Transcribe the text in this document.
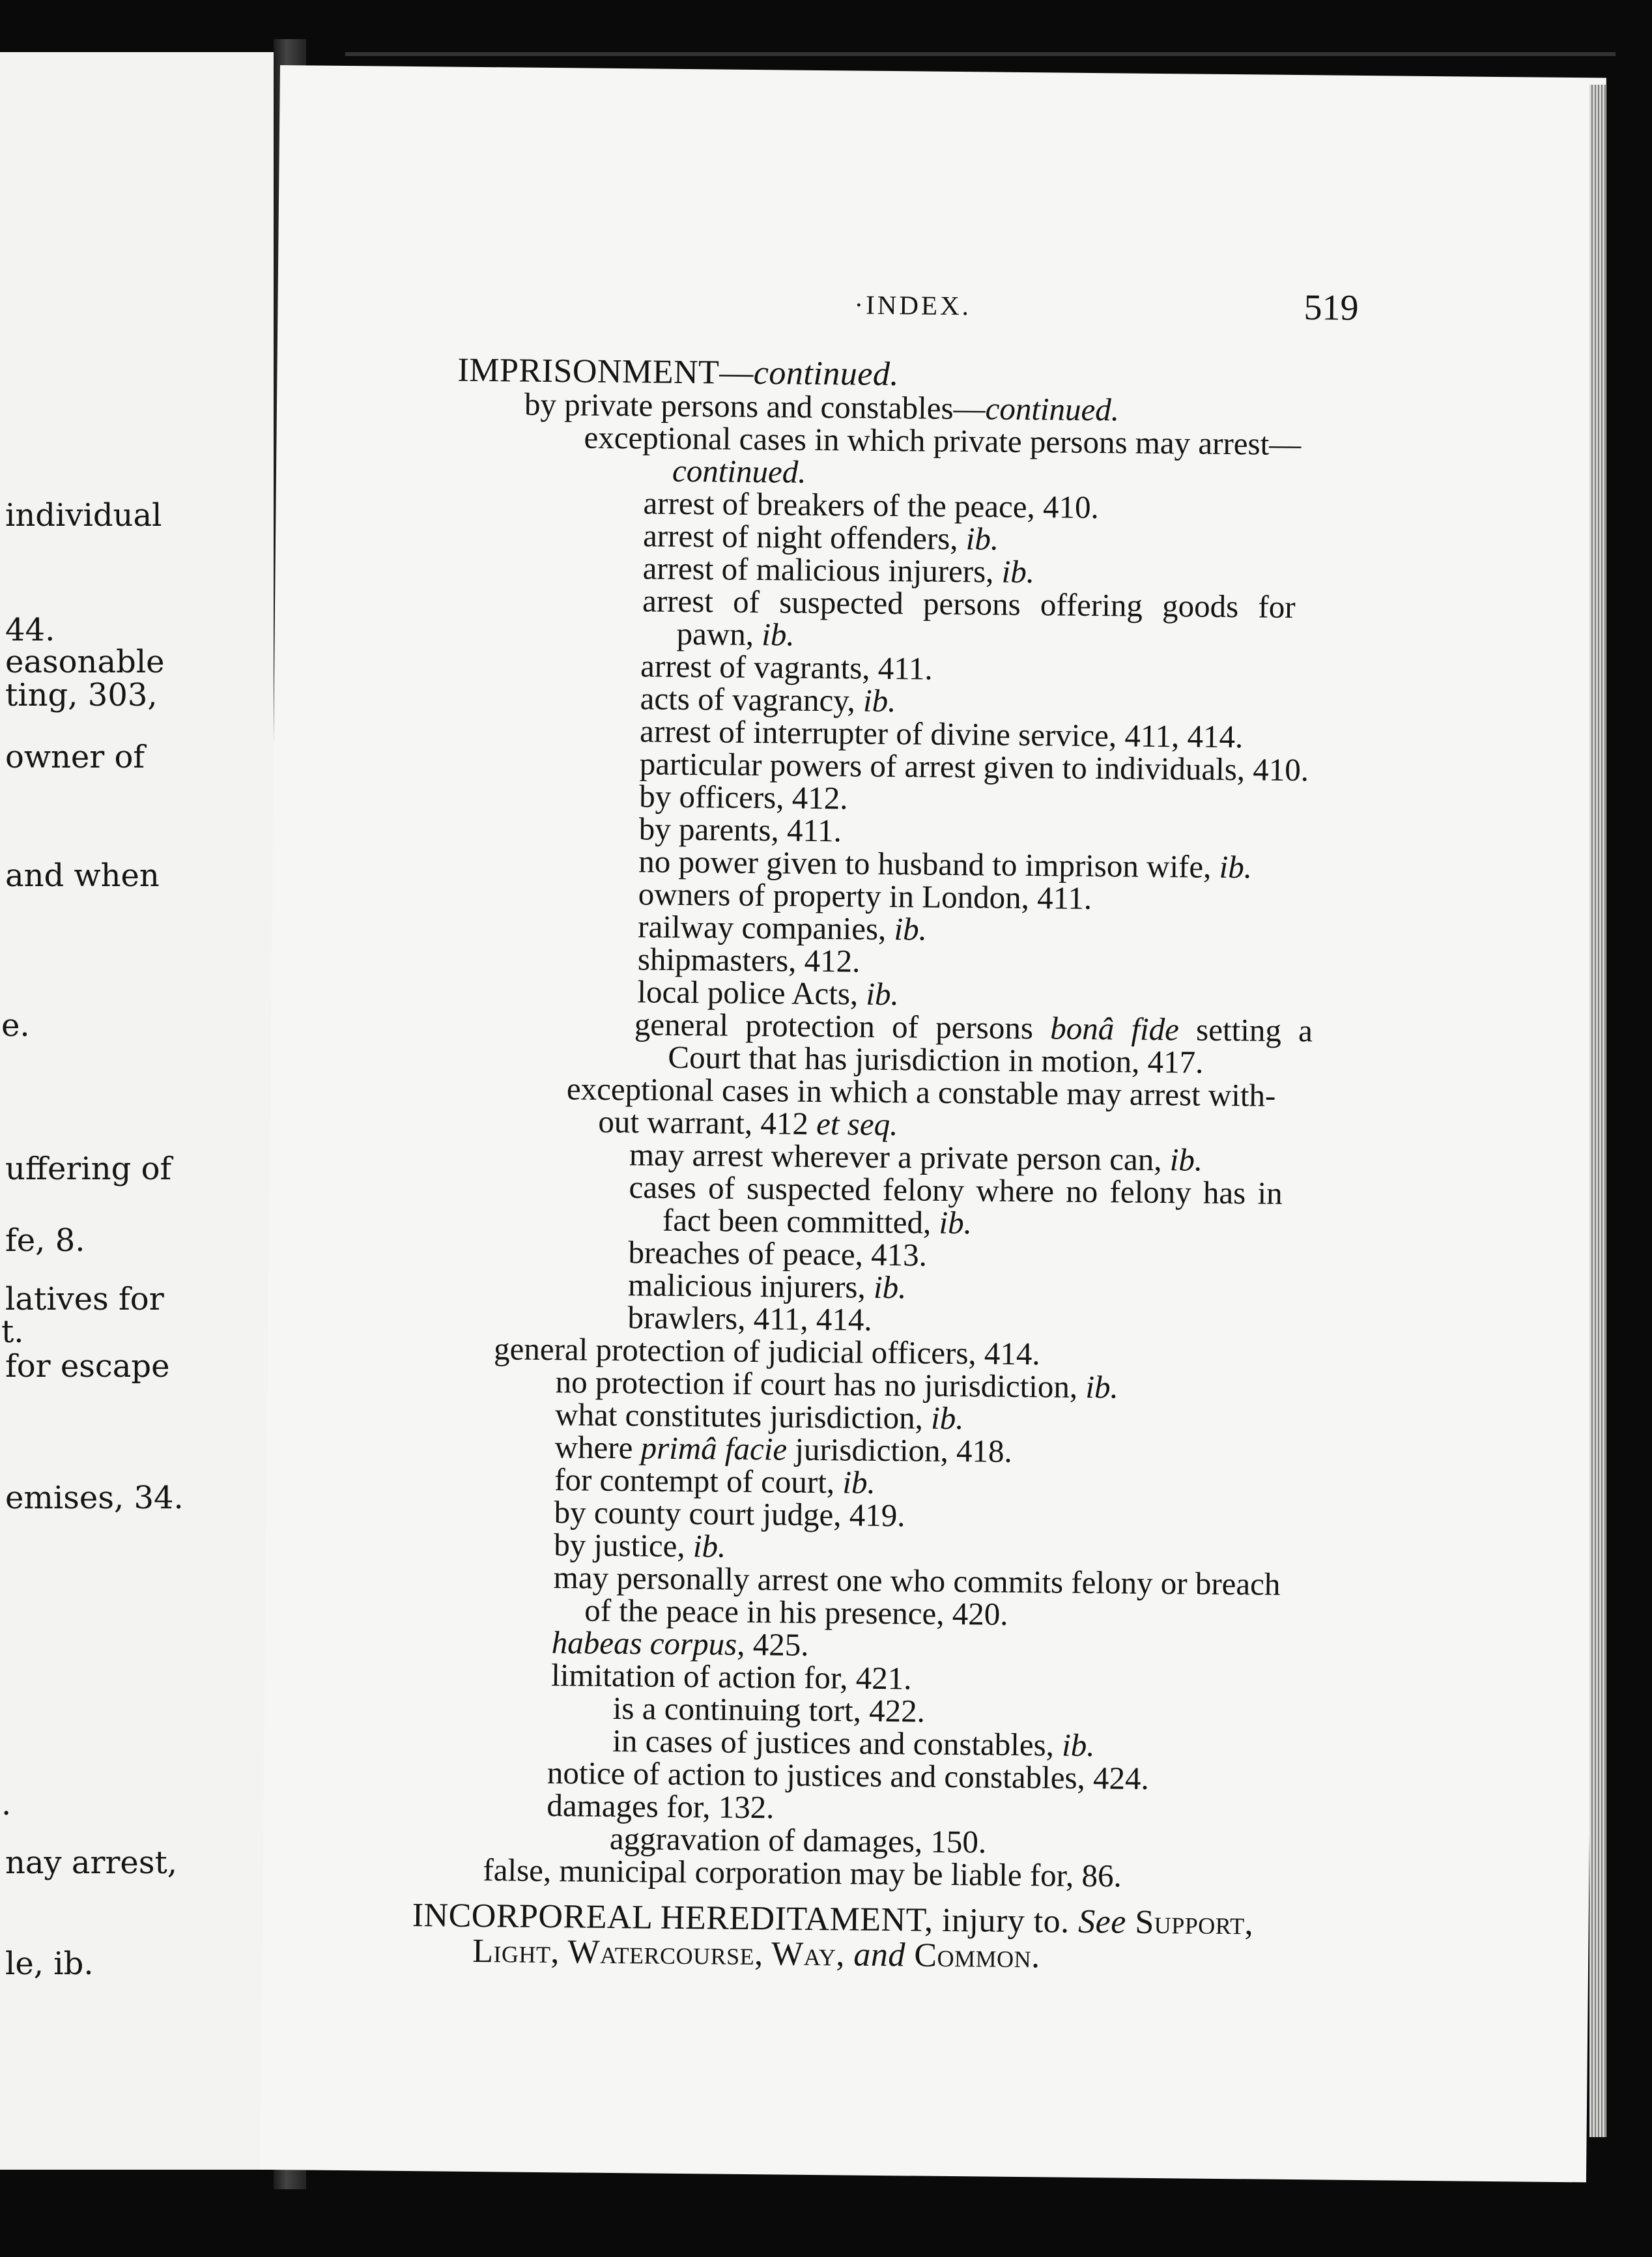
individual
44.
easonable
ting, 303,
owner of
and when
e.
uffering of
fe, 8.
latives for
t.
for escape
emises, 34.
.
nay arrest,
le, ib.
·INDEX.	519
IMPRISONMENT—continued.
by private persons and constables—continued.
exceptional cases in which private persons may arrest—
continued.
arrest of breakers of the peace, 410.
arrest of night offenders, ib.
arrest of malicious injurers, ib.
arrest of suspected persons offering goods for
pawn, ib.
arrest of vagrants, 411.
acts of vagrancy, ib.
arrest of interrupter of divine service, 411, 414.
particular powers of arrest given to individuals, 410.
by officers, 412.
by parents, 411.
no power given to husband to imprison wife, ib.
owners of property in London, 411.
railway companies, ib.
shipmasters, 412.
local police Acts, ib.
general protection of persons bonâ fide setting a
Court that has jurisdiction in motion, 417.
exceptional cases in which a constable may arrest with-
out warrant, 412 et seq.
may arrest wherever a private person can, ib.
cases of suspected felony where no felony has in
fact been committed, ib.
breaches of peace, 413.
malicious injurers, ib.
brawlers, 411, 414.
general protection of judicial officers, 414.
no protection if court has no jurisdiction, ib.
what constitutes jurisdiction, ib.
where primâ facie jurisdiction, 418.
for contempt of court, ib.
by county court judge, 419.
by justice, ib.
may personally arrest one who commits felony or breach
of the peace in his presence, 420.
habeas corpus, 425.
limitation of action for, 421.
is a continuing tort, 422.
in cases of justices and constables, ib.
notice of action to justices and constables, 424.
damages for, 132.
aggravation of damages, 150.
false, municipal corporation may be liable for, 86.
INCORPOREAL HEREDITAMENT, injury to. See Support,
Light, Watercourse, Way, and Common.
